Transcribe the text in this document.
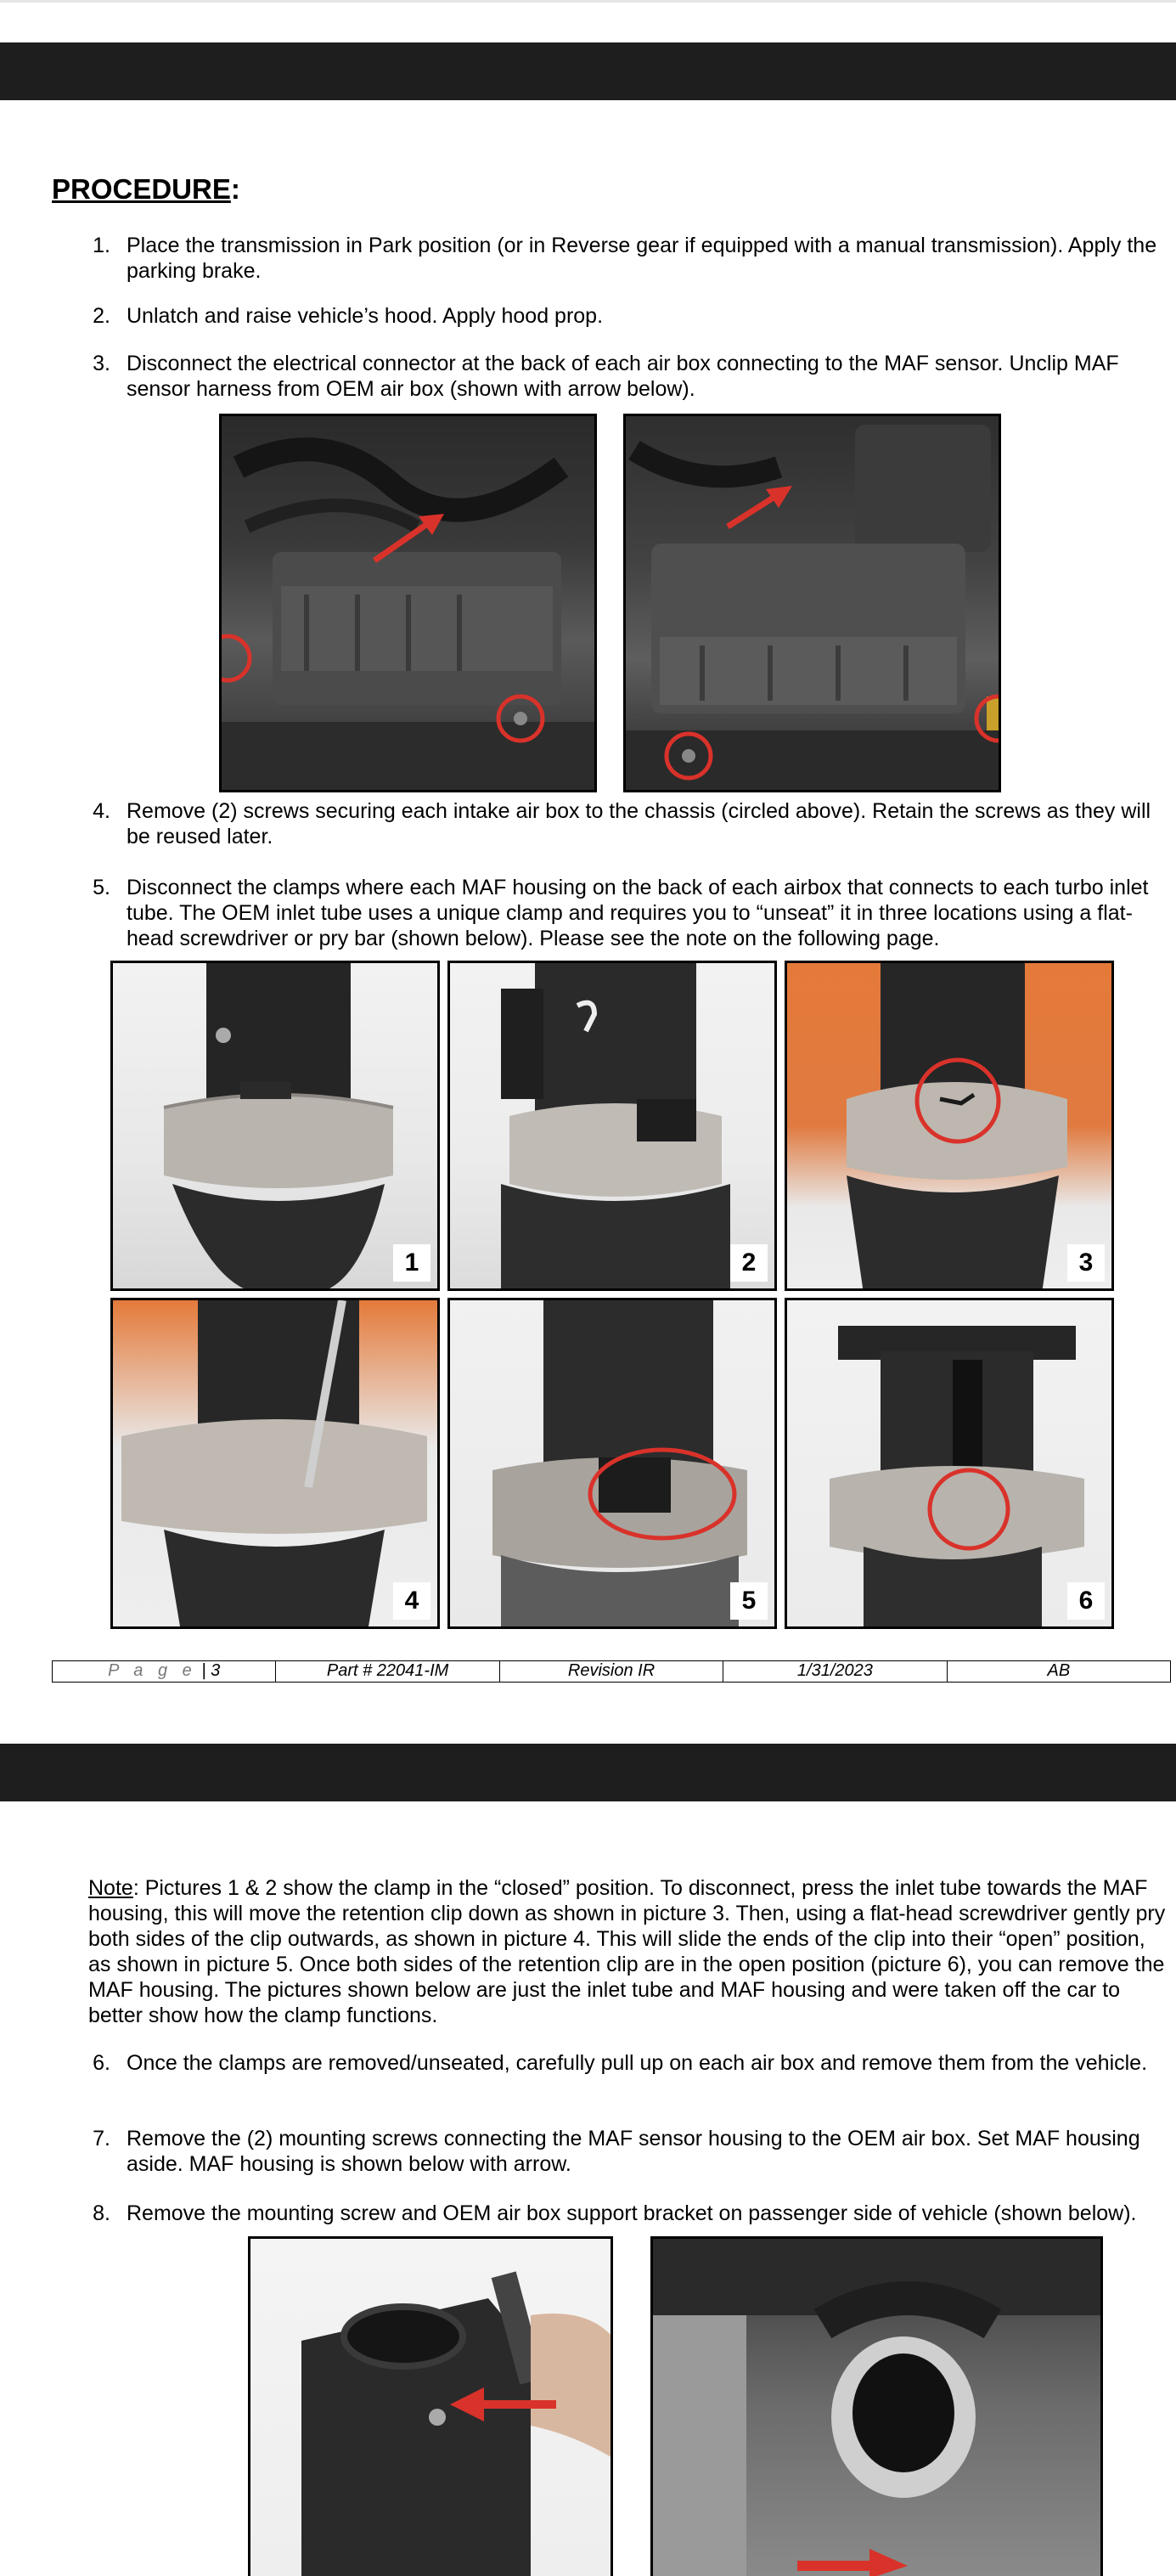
PROCEDURE:
1. Place the transmission in Park position (or in Reverse gear if equipped with a manual transmission). Apply the parking brake.
2. Unlatch and raise vehicle’s hood. Apply hood prop.
3. Disconnect the electrical connector at the back of each air box connecting to the MAF sensor. Unclip MAF sensor harness from OEM air box (shown with arrow below).
4. Remove (2) screws securing each intake air box to the chassis (circled above). Retain the screws as they will be reused later.
5. Disconnect the clamps where each MAF housing on the back of each airbox that connects to each turbo inlet tube. The OEM inlet tube uses a unique clamp and requires you to “unseat” it in three locations using a flat-head screwdriver or pry bar (shown below). Please see the note on the following page.
1	2	3
4	5	6
P a g e | 3	Part # 22041-IM	Revision IR	1/31/2023	AB
Note: Pictures 1 & 2 show the clamp in the “closed” position. To disconnect, press the inlet tube towards the MAF housing, this will move the retention clip down as shown in picture 3. Then, using a flat-head screwdriver gently pry both sides of the clip outwards, as shown in picture 4. This will slide the ends of the clip into their “open” position, as shown in picture 5. Once both sides of the retention clip are in the open position (picture 6), you can remove the MAF housing. The pictures shown below are just the inlet tube and MAF housing and were taken off the car to better show how the clamp functions.
6. Once the clamps are removed/unseated, carefully pull up on each air box and remove them from the vehicle.
7. Remove the (2) mounting screws connecting the MAF sensor housing to the OEM air box. Set MAF housing aside. MAF housing is shown below with arrow.
8. Remove the mounting screw and OEM air box support bracket on passenger side of vehicle (shown below).
